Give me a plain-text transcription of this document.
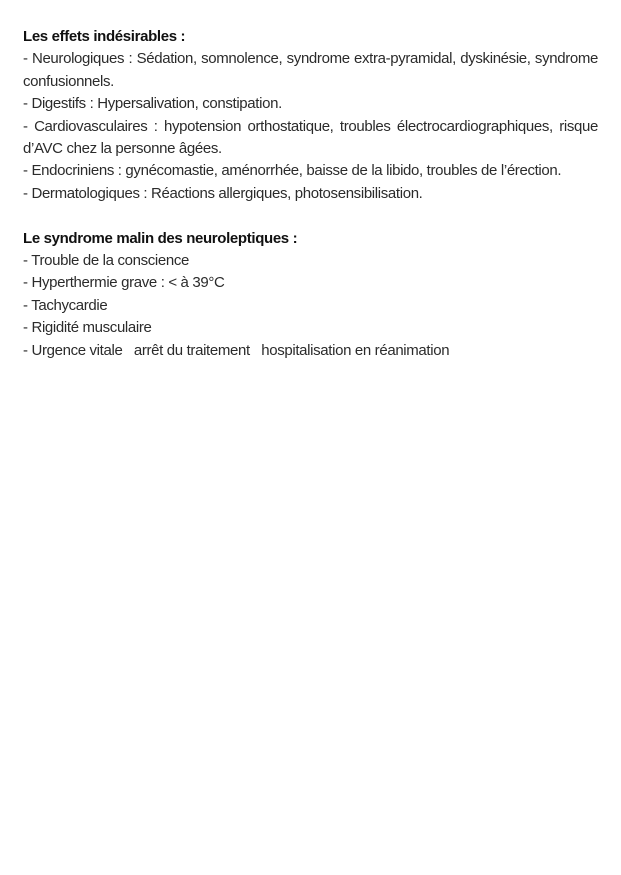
Les effets indésirables :

- Neurologiques : Sédation, somnolence, syndrome extra-pyramidal, dyskinésie, syndrome confusionnels.

- Digestifs : Hypersalivation, constipation.

- Cardiovasculaires : hypotension orthostatique, troubles électrocardiographiques, risque d’AVC chez la personne âgées.

- Endocriniens : gynécomastie, aménorrhée, baisse de la libido, troubles de l’érection.

- Dermatologiques : Réactions allergiques, photosensibilisation.

Le syndrome malin des neuroleptiques :

- Trouble de la conscience

- Hyperthermie grave : < à 39°C

- Tachycardie

- Rigidité musculaire

- Urgence vitale   arrêt du traitement   hospitalisation en réanimation
